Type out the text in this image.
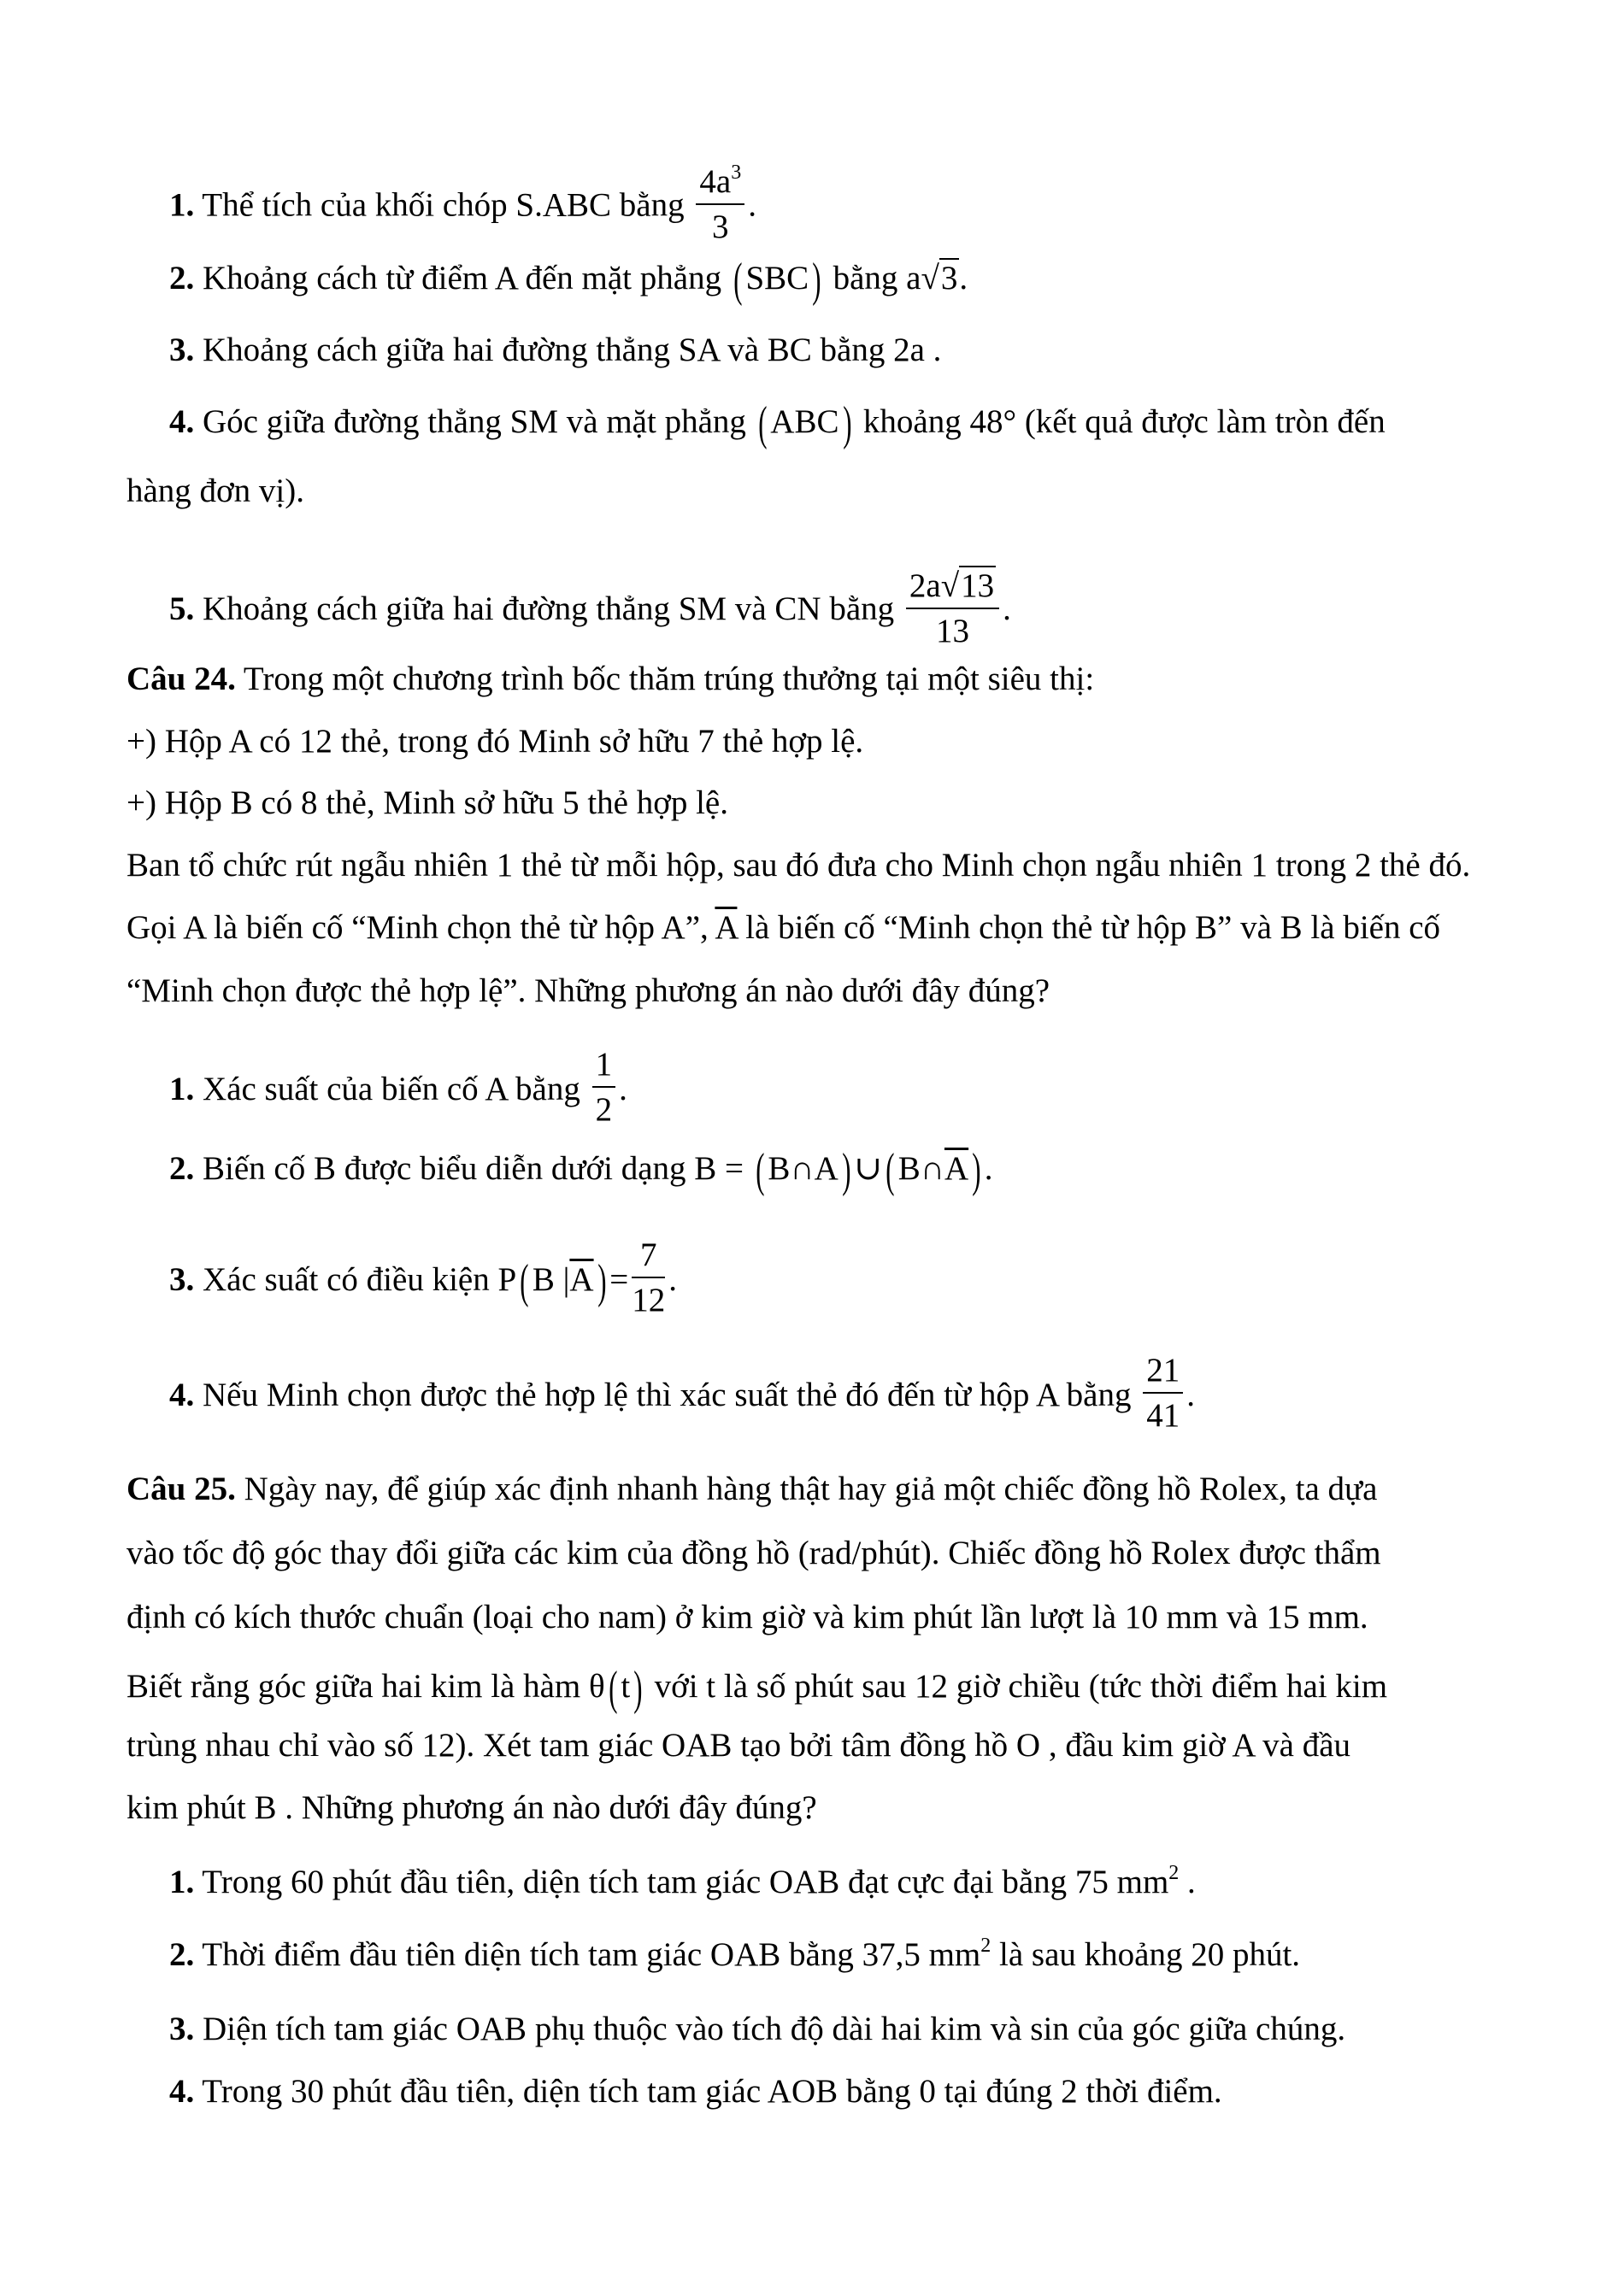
1. Thể tích của khối chóp S.ABC bằng $\frac{4a^3}{3}$ .
2. Khoảng cách từ điểm A đến mặt phẳng ( SBC) bằng a√3.
3. Khoảng cách giữa hai đường thẳng SA và BC bằng 2a .
4. Góc giữa đường thẳng SM và mặt phẳng ( ABC) khoảng 48° (kết quả được làm tròn đến
hàng đơn vị).
5. Khoảng cách giữa hai đường thẳng SM và CN bằng $\frac{2a√13}{13}$ .
Câu 24. Trong một chương trình bốc thăm trúng thưởng tại một siêu thị:
+) Hộp A có 12 thẻ, trong đó Minh sở hữu 7 thẻ hợp lệ.
+) Hộp B có 8 thẻ, Minh sở hữu 5 thẻ hợp lệ.
Ban tổ chức rút ngẫu nhiên 1 thẻ từ mỗi hộp, sau đó đưa cho Minh chọn ngẫu nhiên 1 trong 2 thẻ đó.
Gọi A là biến cố “Minh chọn thẻ từ hộp A”, $\overline{A}$ là biến cố “Minh chọn thẻ từ hộp B” và B là biến cố
“Minh chọn được thẻ hợp lệ”. Những phương án nào dưới đây đúng?
1. Xác suất của biến cố A bằng $\frac{1}{2}$ .
2. Biến cố B được biểu diễn dưới dạng B = ( B∩A) ∪( $B\cap\overline{A}$) .
3. Xác suất có điều kiện P( B $|\overline{A}) = \frac{7}{12}$ .
4. Nếu Minh chọn được thẻ hợp lệ thì xác suất thẻ đó đến từ hộp A bằng $\frac{21}{41}$ .
Câu 25. Ngày nay, để giúp xác định nhanh hàng thật hay giả một chiếc đồng hồ Rolex, ta dựa
vào tốc độ góc thay đổi giữa các kim của đồng hồ (rad/phút). Chiếc đồng hồ Rolex được thẩm
định có kích thước chuẩn (loại cho nam) ở kim giờ và kim phút lần lượt là 10 mm và 15 mm.
Biết rằng góc giữa hai kim là hàm θ( t) với t là số phút sau 12 giờ chiều (tức thời điểm hai kim
trùng nhau chỉ vào số 12). Xét tam giác OAB tạo bởi tâm đồng hồ O , đầu kim giờ A và đầu
kim phút B . Những phương án nào dưới đây đúng?
1. Trong 60 phút đầu tiên, diện tích tam giác OAB đạt cực đại bằng 75 $mm^2$ .
2. Thời điểm đầu tiên diện tích tam giác OAB bằng 37,5 $mm^2$ là sau khoảng 20 phút.
3. Diện tích tam giác OAB phụ thuộc vào tích độ dài hai kim và sin của góc giữa chúng.
4. Trong 30 phút đầu tiên, diện tích tam giác AOB bằng 0 tại đúng 2 thời điểm.
